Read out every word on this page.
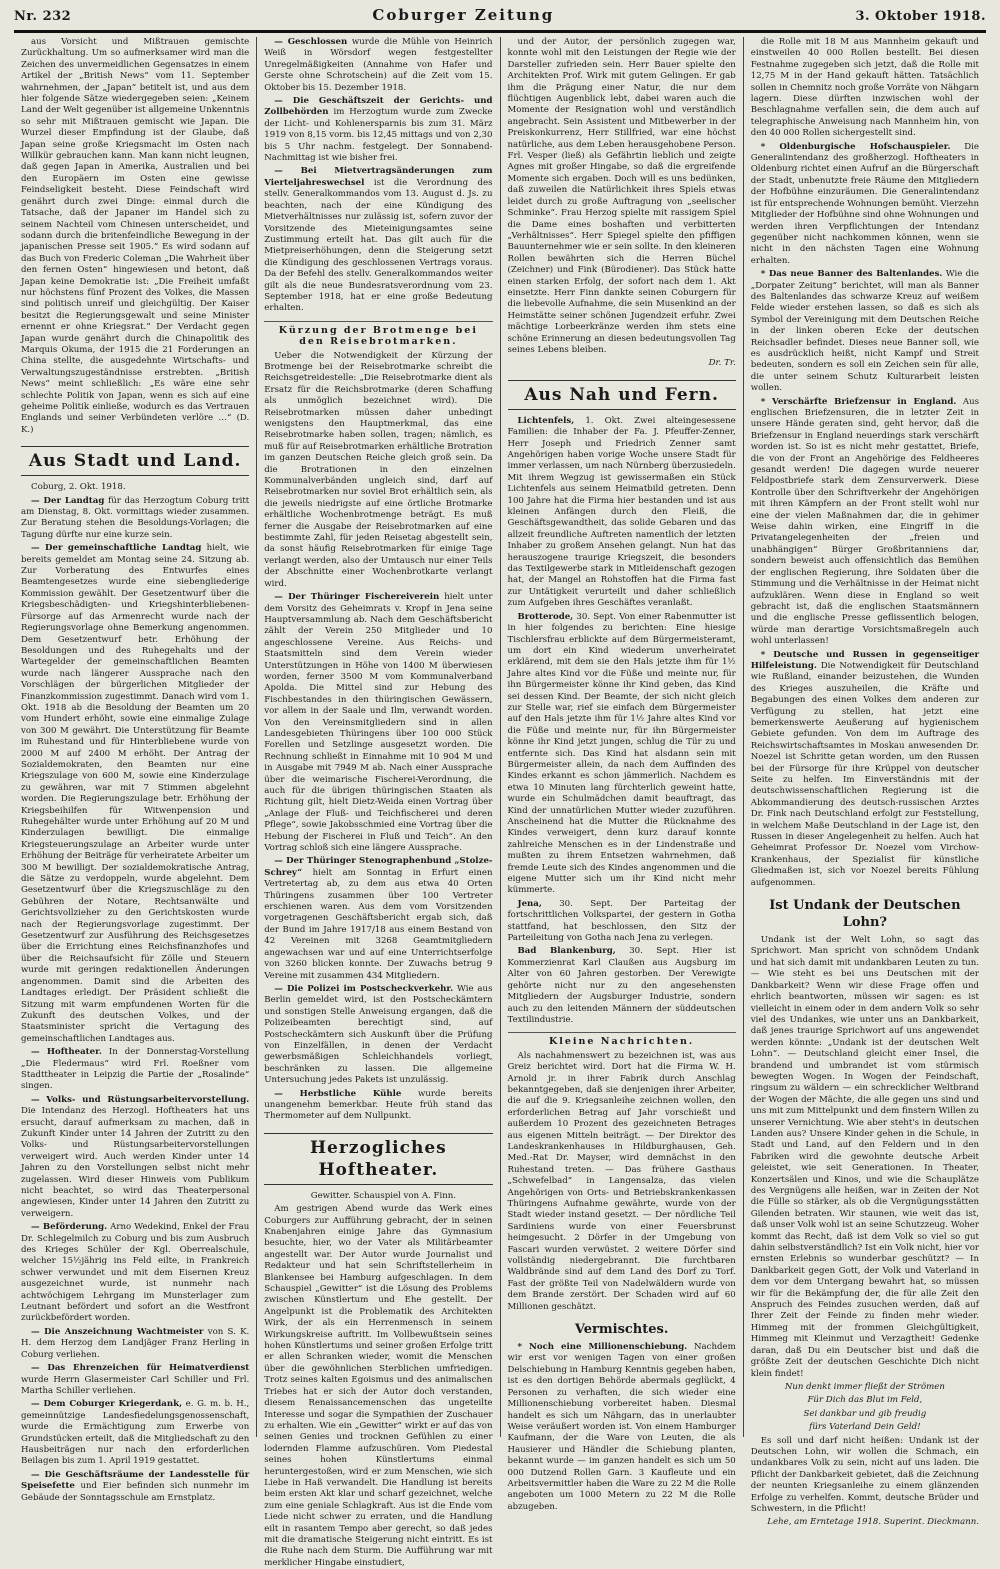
Nr. 232	Coburger Zeitung	3. Oktober 1918.

aus Vorsicht und Mißtrauen gemischte Zurückhaltung. Um so aufmerksamer wird man die Zeichen des unvermeidlichen Gegensatzes in einem Artikel der „British News“ vom 11. September wahrnehmen, der „Japan“ betitelt ist, und aus dem hier folgende Sätze wiedergegeben seien: „Keinem Land der Welt gegenüber ist allgemeine Unkenntnis so sehr mit Mißtrauen gemischt wie Japan. Die Wurzel dieser Empfindung ist der Glaube, daß Japan seine große Kriegsmacht im Osten nach Willkür gebrauchen kann. Man kann nicht leugnen, daß gegen Japan in Amerika, Australien und bei den Europäern im Osten eine gewisse Feindseligkeit besteht. Diese Feindschaft wird genährt durch zwei Dinge: einmal durch die Tatsache, daß der Japaner im Handel sich zu seinem Nachteil vom Chinesen unterscheidet, und sodann durch die britenfeindliche Bewegung in der japanischen Presse seit 1905.“ Es wird sodann auf das Buch von Frederic Coleman „Die Wahrheit über den fernen Osten“ hingewiesen und betont, daß Japan keine Demokratie ist: „Die Freiheit umfaßt nur höchstens fünf Prozent des Volkes, die Massen sind politisch unreif und gleichgültig. Der Kaiser besitzt die Regierungsgewalt und seine Minister ernennt er ohne Kriegsrat.“ Der Verdacht gegen Japan wurde genährt durch die Chinapolitik des Marquis Okuma, der 1915 die 21 Forderungen an China stellte, die ausgedehnte Wirtschafts- und Verwaltungszugeständnisse erstrebten. „British News“ meint schließlich: „Es wäre eine sehr schlechte Politik von Japan, wenn es sich auf eine geheime Politik einließe, wodurch es das Vertrauen Englands und seiner Verbündeten verlöre …“ (D. K.)

Aus Stadt und Land.

Coburg, 2. Okt. 1918.

— Der Landtag für das Herzogtum Coburg tritt am Dienstag, 8. Okt. vormittags wieder zusammen. Zur Beratung stehen die Besoldungs-Vorlagen; die Tagung dürfte nur eine kurze sein.

— Der gemeinschaftliche Landtag hielt, wie bereits gemeldet am Montag seine 24. Sitzung ab. Zur Vorberatung des Entwurfes eines Beamtengesetzes wurde eine siebengliederige Kommission gewählt. Der Gesetzentwurf über die Kriegsbeschädigten- und Kriegshinterbliebenen-Fürsorge auf das Armenrecht wurde nach der Regierungsvorlage ohne Bemerkung angenommen. Dem Gesetzentwurf betr. Erhöhung der Besoldungen und des Ruhegehalts und der Wartegelder der gemeinschaftlichen Beamten wurde nach längerer Aussprache nach den Vorschlägen der bürgerlichen Mitglieder der Finanzkommission zugestimmt. Danach wird vom 1. Okt. 1918 ab die Besoldung der Beamten um 20 vom Hundert erhöht, sowie eine einmalige Zulage von 300 M gewährt. Die Unterstützung für Beamte im Ruhestand und für Hinterbliebene wurde von 2000 M auf 2400 M erhöht. Der Antrag der Sozialdemokraten, den Beamten nur eine Kriegszulage von 600 M, sowie eine Kinderzulage zu gewähren, war mit 7 Stimmen abgelehnt worden. Die Regierungszulage betr. Erhöhung der Kriegsbeihilfen für Witwenpension und Ruhegehälter wurde unter Erhöhung auf 20 M und Kinderzulagen bewilligt. Die einmalige Kriegsteuerungszulage an Arbeiter wurde unter Erhöhung der Beiträge für verheiratete Arbeiter um 300 M bewilligt. Der sozialdemokratische Antrag, die Sätze zu verdoppeln, wurde abgelehnt. Dem Gesetzentwurf über die Kriegszuschläge zu den Gebühren der Notare, Rechtsanwälte und Gerichtsvollzieher zu den Gerichtskosten wurde nach der Regierungsvorlage zugestimmt. Der Gesetzentwurf zur Ausführung des Reichsgesetzes über die Errichtung eines Reichsfinanzhofes und über die Reichsaufsicht für Zölle und Steuern wurde mit geringen redaktionellen Änderungen angenommen. Damit sind die Arbeiten des Landtages erledigt. Der Präsident schließt die Sitzung mit warm empfundenen Worten für die Zukunft des deutschen Volkes, und der Staatsminister spricht die Vertagung des gemeinschaftlichen Landtages aus.

— Hoftheater. In der Donnerstag-Vorstellung „Die Fledermaus“ wird Frl. Roeßner vom Stadttheater in Leipzig die Partie der „Rosalinde“ singen.

— Volks- und Rüstungsarbeitervorstellung. Die Intendanz des Herzogl. Hoftheaters hat uns ersucht, darauf aufmerksam zu machen, daß in Zukunft Kinder unter 14 Jahren der Zutritt zu den Volks- und Rüstungsarbeitervorstellungen verweigert wird. Auch werden Kinder unter 14 Jahren zu den Vorstellungen selbst nicht mehr zugelassen. Wird dieser Hinweis vom Publikum nicht beachtet, so wird das Theaterpersonal angewiesen, Kinder unter 14 Jahren den Zutritt zu verweigern.

— Beförderung. Arno Wedekind, Enkel der Frau Dr. Schlegelmilch zu Coburg und bis zum Ausbruch des Krieges Schüler der Kgl. Oberrealschule, welcher 15½jährig ins Feld eilte, in Frankreich schwer verwundet und mit dem Eisernen Kreuz ausgezeichnet wurde, ist nunmehr nach achtwöchigem Lehrgang im Munsterlager zum Leutnant befördert und sofort an die Westfront zurückbefördert worden.

— Die Anszeichnung Wachtmeister von S. K. H. dem Herzog dem Landjäger Franz Herling in Coburg verliehen.

— Das Ehrenzeichen für Heimatverdienst wurde Herrn Glasermeister Carl Schiller und Frl. Martha Schiller verliehen.

— Dem Coburger Kriegerdank, e. G. m. b. H., gemeinnützige Landesfiedelungsgenossenschaft, wurde die Ermächtigung zum Erwerbe von Grundstücken erteilt, daß die Mitgliedschaft zu den Hausbeiträgen nur nach den erforderlichen Beilagen bis zum 1. April 1919 gestattet.

— Die Geschäftsräume der Landesstelle für Speisefette und Eier befinden sich nunmehr im Gebäude der Sonntagsschule am Ernstplatz.

— Geschlossen wurde die Mühle von Heinrich Weiß in Wörsdorf wegen festgestellter Unregelmäßigkeiten (Annahme von Hafer und Gerste ohne Schrotschein) auf die Zeit vom 15. Oktober bis 15. Dezember 1918.

— Die Geschäftszeit der Gerichts- und Zollbehörden im Herzogtum wurde zum Zwecke der Licht- und Kohlenersparnis bis zum 31. März 1919 von 8,15 vorm. bis 12,45 mittags und von 2,30 bis 5 Uhr nachm. festgelegt. Der Sonnabend-Nachmittag ist wie bisher frei.

— Bei Mietvertragsänderungen zum Vierteljahreswechsel ist die Verordnung des stellv. Generalkommandos vom 13. August d. Js. zu beachten, nach der eine Kündigung des Mietverhältnisses nur zulässig ist, sofern zuvor der Vorsitzende des Mieteinigungsamtes seine Zustimmung erteilt hat. Das gilt auch für die Mietpreiserhöhungen, denn die Steigerung setzt die Kündigung des geschlossenen Vertrags voraus. Da der Befehl des stellv. Generalkommandos weiter gilt als die neue Bundesratsverordnung vom 23. September 1918, hat er eine große Bedeutung erhalten.

Kürzung der Brotmenge bei den Reisebrotmarken.

Ueber die Notwendigkeit der Kürzung der Brotmenge bei der Reisebrotmarke schreibt die Reichsgetreidestelle: „Die Reisebrotmarke dient als Ersatz für die Reichsbrotmarke (deren Schaffung als unmöglich bezeichnet wird). Die Reisebrotmarken müssen daher unbedingt wenigstens den Hauptmerkmal, das eine Reisebrotmarke haben sollen, tragen; nämlich, es muß für auf Reisebrotmarken erhältliche Brotration im ganzen Deutschen Reiche gleich groß sein. Da die Brotrationen in den einzelnen Kommunalverbänden ungleich sind, darf auf Reisebrotmarken nur soviel Brot erhältlich sein, als die jeweils niedrigste auf eine örtliche Brotmarke erhältliche Wochenbrotmenge beträgt. Es muß ferner die Ausgabe der Reisebrotmarken auf eine bestimmte Zahl, für jeden Reisetag abgestellt sein, da sonst häufig Reisebrotmarken für einige Tage verlangt werden, also der Umtausch nur einer Teils der Abschnitte einer Wochenbrotkarte verlangt wird.

— Der Thüringer Fischereiverein hielt unter dem Vorsitz des Geheimrats v. Kropf in Jena seine Hauptversammlung ab. Nach dem Geschäftsbericht zählt der Verein 250 Mitglieder und 10 angeschlossene Vereine. Aus Reichs- und Staatsmitteln sind dem Verein wieder Unterstützungen in Höhe von 1400 M überwiesen worden, ferner 3500 M vom Kommunalverband Apolda. Die Mittel sind zur Hebung des Fischbestandes in den thüringischen Gewässern, vor allem in der Saale und Ilm, verwandt worden. Von den Vereinsmitgliedern sind in allen Landesgebieten Thüringens über 100 000 Stück Forellen und Setzlinge ausgesetzt worden. Die Rechnung schließt in Einnahme mit 10 904 M und in Ausgabe mit 7949 M ab. Nach einer Aussprache über die weimarische Fischerei-Verordnung, die auch für die übrigen thüringischen Staaten als Richtung gilt, hielt Dietz-Weida einen Vortrag über „Anlage der Fluß- und Teichfischerei und deren Pflege“, sowie Jakobsschmied eine Vortrag über die Hebung der Fischerei in Fluß und Teich“. An den Vortrag schloß sich eine längere Aussprache.

— Der Thüringer Stenographenbund „Stolze-Schrey“ hielt am Sonntag in Erfurt einen Vertretertag ab, zu dem aus etwa 40 Orten Thüringens zusammen über 100 Vertreter erschienen waren. Aus dem vom Vorsitzenden vorgetragenen Geschäftsbericht ergab sich, daß der Bund im Jahre 1917/18 aus einem Bestand von 42 Vereinen mit 3268 Geamtmitgliedern angewachsen war und auf eine Unterrichtserfolge von 3260 blicken konnte. Der Zuwachs betrug 9 Vereine mit zusammen 434 Mitgliedern.

— Die Polizei im Postscheckverkehr. Wie aus Berlin gemeldet wird, ist den Postscheckämtern und sonstigen Stelle Anweisung ergangen, daß die Polizeibeamten berechtigt sind, auf Postscheckämtern sich Auskunft über die Prüfung von Einzelfällen, in denen der Verdacht gewerbsmäßigen Schleichhandels vorliegt, beschränken zu lassen. Die allgemeine Untersuchung jedes Pakets ist unzulässig.

— Herbstliche Kühle wurde bereits unangenehm bemerkbar. Heute früh stand das Thermometer auf dem Nullpunkt.

Herzogliches Hoftheater.

Gewitter. Schauspiel von A. Finn.

Am gestrigen Abend wurde das Werk eines Coburgers zur Aufführung gebracht, der in seinen Knabenjahren einige Jahre das Gymnasium besuchte, hier, wo der Vater als Militärbeamter angestellt war. Der Autor wurde Journalist und Redakteur und hat sein Schriftstellerheim in Blankensee bei Hamburg aufgeschlagen. In dem Schauspiel „Gewitter“ ist die Lösung des Problems zwischen Künstlertum und Ehe gestellt. Der Angelpunkt ist die Problematik des Architekten Wirk, der als ein Herrenmensch in seinem Wirkungskreise auftritt. Im Vollbewußtsein seines hohen Künstlertums und seiner großen Erfolge tritt er allen Schranken wieder, womit die Menschen über die gewöhnlichen Sterblichen umfriedigen. Trotz seines kalten Egoismus und des animalischen Triebes hat er sich der Autor doch verstanden, diesem Renaissancemenschen das ungeteilte Interesse und sogar die Sympathien der Zuschauer zu erhalten. Wie ein „Gewitter“ wirkt er auf das von seinen Genies und trocknen Gefühlen zu einer lodernden Flamme aufzuschüren. Vom Piedestal seines hohen Künstlertums einmal heruntergestoßen, wird er zum Menschen, wie sich Liebe in Haß verwandelt. Die Handlung ist bereits beim ersten Akt klar und scharf gezeichnet, welche zum eine geniale Schlagkraft. Aus ist die Ende vom Liede nicht schwer zu erraten, und die Handlung eilt in rasantem Tempo aber gerecht, so daß jedes mit die dramatische Steigerung nicht eintritt. Es ist die Ruhe nach dem Sturm. Die Aufführung war mit merklicher Hingabe einstudiert,

und der Autor, der persönlich zugegen war, konnte wohl mit den Leistungen der Regie wie der Darsteller zufrieden sein. Herr Bauer spielte den Architekten Prof. Wirk mit gutem Gelingen. Er gab ihm die Prägung einer Natur, die nur dem flüchtigen Augenblick lebt, dabei waren auch die Momente der Resignation wohl und verständlich angebracht. Sein Assistent und Mitbewerber in der Preiskonkurrenz, Herr Stillfried, war eine höchst natürliche, aus dem Leben herausgehobene Person. Frl. Vesper (ließ) als Gefährtin lieblich und zeigte Agnes mit großer Hingabe, so daß die ergreifende Momente sich ergaben. Doch will es uns bedünken, daß zuweilen die Natürlichkeit ihres Spiels etwas leidet durch zu große Auftragung von „seelischer Schminke“. Frau Herzog spielte mit rassigem Spiel die Dame eines boshaften und verbitterten „Verhältnisses“. Herr Spiegel spielte den pfiffigen Bauunternehmer wie er sein sollte. In den kleineren Rollen bewährten sich die Herren Büchel (Zeichner) und Fink (Bürodiener). Das Stück hatte einen starken Erfolg, der sofort nach dem 1. Akt einsetzte. Herr Finn dankte seinen Coburgern für die liebevolle Aufnahme, die sein Musenkind an der Heimstätte seiner schönen Jugendzeit erfuhr. Zwei mächtige Lorbeerkränze werden ihm stets eine schöne Erinnerung an diesen bedeutungsvollen Tag seines Lebens bleiben.

Dr. Tr.

Aus Nah und Fern.

Lichtenfels, 1. Okt. Zwei alteingesessene Familien: die Inhaber der Fa. J. Pfeuffer-Zenner, Herr Joseph und Friedrich Zenner samt Angehörigen haben vorige Woche unsere Stadt für immer verlassen, um nach Nürnberg überzusiedeln. Mit ihrem Wegzug ist gewissermaßen ein Stück Lichtenfels aus seinem Heimatbild getreten. Denn 100 Jahre hat die Firma hier bestanden und ist aus kleinen Anfängen durch den Fleiß, die Geschäftsgewandtheit, das solide Gebaren und das allzeit freundliche Auftreten namentlich der letzten Inhaber zu großem Ansehen gelangt. Nun hat das herauszogene traurige Kriegszeit, die besonders das Textilgewerbe stark in Mitleidenschaft gezogen hat, der Mangel an Rohstoffen hat die Firma fast zur Untätigkeit verurteilt und daher schließlich zum Aufgeben ihres Geschäftes veranlaßt.

Brotterode, 30. Sept. Von einer Rabenmutter ist in hier folgendes zu berichten: Eine hiesige Tischlersfrau erblickte auf dem Bürgermeisteramt, um dort ein Kind wiederum unverheiratet erklärend, mit dem sie den Hals jetzte ihm für 1½ Jahre altes Kind vor die Füße und meinte nur, für ihn Bürgermeister könne ihr Kind geben, das Kind sei dessen Kind. Der Beamte, der sich nicht gleich zur Stelle war, rief sie einfach dem Bürgermeister auf den Hals jetzte ihm für 1½ Jahre altes Kind vor die Füße und meinte nur, für ihn Bürgermeister könne ihr Kind jetzt jungen, schlug die Tür zu und entfernte sich. Das Kind hat alsdann sein mit Bürgermeister allein, da nach dem Auffinden des Kindes erkannt es schon jämmerlich. Nachdem es etwa 10 Minuten lang fürchterlich geweint hatte, wurde ein Schulmädchen damit beauftragt, das Kind der unnatürlichen Mutter wieder zuzuführen. Anscheinend hat die Mutter die Rücknahme des Kindes verweigert, denn kurz darauf konnte zahlreiche Menschen es in der Lindenstraße und mußten zu ihrem Entsetzen wahrnehmen, daß fremde Leute sich des Kindes angenommen und die eigene Mutter sich um ihr Kind nicht mehr kümmerte.

Jena, 30. Sept. Der Parteitag der fortschrittlichen Volkspartei, der gestern in Gotha stattfand, hat beschlossen, den Sitz der Parteileitung von Gotha nach Jena zu verlegen.

Bad Blankenburg, 30. Sept. Hier ist Kommerzienrat Karl Claußen aus Augsburg im Alter von 60 Jahren gestorben. Der Verewigte gehörte nicht nur zu den angesehensten Mitgliedern der Augsburger Industrie, sondern auch zu den leitenden Männern der süddeutschen Textilindustrie.

Kleine Nachrichten.

Als nachahmenswert zu bezeichnen ist, was aus Greiz berichtet wird. Dort hat die Firma W. H. Arnold jr. in ihrer Fabrik durch Anschlag bekanntgegeben, daß sie denjenigen ihrer Arbeiter, die auf die 9. Kriegsanleihe zeichnen wollen, den erforderlichen Betrag auf Jahr vorschießt und außerdem 10 Prozent des gezeichneten Betrages aus eigenen Mitteln beiträgt. — Der Direktor des Landeskrankenhauses in Hildburghausen, Geh. Med.-Rat Dr. Mayser, wird demnächst in den Ruhestand treten. — Das frühere Gasthaus „Schwefelbad“ in Langensalza, das vielen Angehörigen von Orts- und Betriebskrankenkassen Thüringens Aufnahme gewährte, wurde von der Stadt wieder instand gesetzt. — Der nördliche Teil Sardiniens wurde von einer Feuersbrunst heimgesucht. 2 Dörfer in der Umgebung von Fascari wurden verwüstet. 2 weitere Dörfer sind vollständig niedergebrannt. Die furchtbaren Waldbrände sind auf dem Land des Dorf zu Torf. Fast der größte Teil von Nadelwäldern wurde von dem Brande zerstört. Der Schaden wird auf 60 Millionen geschätzt.

Vermischtes.

* Noch eine Millionenschiebung. Nachdem wir erst vor wenigen Tagen von einer großen Delschiebung in Hamburg Kenntnis gegeben haben, ist es den dortigen Behörde abermals geglückt, 4 Personen zu verhaften, die sich wieder eine Millionenschiebung vorbereitet haben. Diesmal handelt es sich um Nähgarn, das in unerlaubter Weise veräußert worden ist. Von einem Hamburger Kaufmann, der die Ware von Leuten, die als Hausierer und Händler die Schiebung planten, bekannt wurde — im ganzen handelt es sich um 50 000 Dutzend Rollen Garn. 3 Kaufleute und ein Arbeitsvermittler haben die Ware zu 22 M die Rolle angeboten um 1000 Metern zu 22 M die Rolle abzugeben.

die Rolle mit 18 M aus Mannheim gekauft und einstweilen 40 000 Rollen bestellt. Bei diesen Festnahme zugegeben sich jetzt, daß die Rolle mit 12,75 M in der Hand gekauft hätten. Tatsächlich sollen in Chemnitz noch große Vorräte von Nähgarn lagern. Diese dürften inzwischen wohl der Beschlagnahme verfallen sein, die dem auch auf telegraphische Anweisung nach Mannheim hin, von den 40 000 Rollen sichergestellt sind.

* Oldenburgische Hofschauspieler. Die Generalintendanz des großherzogl. Hoftheaters in Oldenburg richtet einen Aufruf an die Bürgerschaft der Stadt, unbenutzte freie Räume den Mitgliedern der Hofbühne einzuräumen. Die Generalintendanz ist für entsprechende Wohnungen bemüht. Vierzehn Mitglieder der Hofbühne sind ohne Wohnungen und werden ihren Verpflichtungen der Intendanz gegenüber nicht nachkommen können, wenn sie nicht in den nächsten Tagen eine Wohnung erhalten.

* Das neue Banner des Baltenlandes. Wie die „Dorpater Zeitung“ berichtet, will man als Banner des Baltenlandes das schwarze Kreuz auf weißem Felde wieder erstehen lassen, so daß es sich als Symbol der Vereinigung mit dem Deutschen Reiche in der linken oberen Ecke der deutschen Reichsadler befindet. Dieses neue Banner soll, wie es ausdrücklich heißt, nicht Kampf und Streit bedeuten, sondern es soll ein Zeichen sein für alle, die unter seinem Schutz Kulturarbeit leisten wollen.

* Verschärfte Briefzensur in England. Aus englischen Briefzensuren, die in letzter Zeit in unsere Hände geraten sind, geht hervor, daß die Briefzensur in England neuerdings stark verschärft worden ist. So ist es nicht mehr gestattet, Briefe, die von der Front an Angehörige des Feldheeres gesandt werden! Die dagegen wurde neuerer Feldpostbriefe stark dem Zensurverwerk. Diese Kontrolle über den Schriftverkehr der Angehörigen mit ihren Kämpfern an der Front stellt wohl nur eine der vielen Maßnahmen dar, die in gehimer Weise dahin wirken, eine Eingriff in die Privatangelegenheiten der „freien und unabhängigen“ Bürger Großbritanniens dar, sondern beweist auch offensichtlich das Bemühen der englischen Regierung, ihre Soldaten über die Stimmung und die Verhältnisse in der Heimat nicht aufzuklären. Wenn diese in England so weit gebracht ist, daß die englischen Staatsmännern und die englische Presse geflissentlich belogen, würde man derartige Vorsichtsmaßregeln auch wohl unterlassen!

* Deutsche und Russen in gegenseitiger Hilfeleistung. Die Notwendigkeit für Deutschland wie Rußland, einander beizustehen, die Wunden des Krieges auszuheilen, die Kräfte und Begabungen des einen Volkes dem anderen zur Verfügung zu stellen, hat jetzt eine bemerkenswerte Aeußerung auf hygienischem Gebiete gefunden. Von dem im Auftrage des Reichswirtschaftsamtes in Moskau anwesenden Dr. Noezel ist Schritte getan worden, um den Russen bei der Fürsorge für ihre Krüppel von deutscher Seite zu helfen. Im Einverständnis mit der deutschwissenschaftlichen Regierung ist die Abkommandierung des deutsch-russischen Arztes Dr. Fink nach Deutschland erfolgt zur Feststellung, in welchem Maße Deutschland in der Lage ist, den Russen in dieser Angelegenheit zu helfen. Auch hat Geheimrat Professor Dr. Noezel vom Virchow-Krankenhaus, der Spezialist für künstliche Gliedmaßen ist, sich vor Noezel bereits Fühlung aufgenommen.

Ist Undank der Deutschen Lohn?

Undank ist der Welt Lohn, so sagt das Sprichwort. Man spricht von schnödem Undank und hat sich damit mit undankbaren Leuten zu tun. — Wie steht es bei uns Deutschen mit der Dankbarkeit? Wenn wir diese Frage offen und ehrlich beantworten, müssen wir sagen: es ist vielleicht in einem oder in dem andern Volk so sehr viel des Undankes, wie unter uns an Dankbarkeit, daß jenes traurige Sprichwort auf uns angewendet werden könnte: „Undank ist der deutschen Welt Lohn“. — Deutschland gleicht einer Insel, die brandend und umbrandet ist vom stürmisch bewegten Wogen. In Wogen der Feindschaft, ringsum zu wäldern — ein schrecklicher Weltbrand der Wogen der Mächte, die alle gegen uns sind und uns mit zum Mittelpunkt und dem finstern Willen zu unserer Vernichtung. Wie aber steht's in deutschen Landen aus? Unsere Kinder gehen in die Schule, in Stadt und Land, auf den Feldern und in den Fabriken wird die gewohnte deutsche Arbeit geleistet, wie seit Generationen. In Theater, Konzertsälen und Kinos, und wie die Schauplätze des Vergnügens alle heißen, war in Zeiten der Not die Fülle so stärker, als ob die Vergnügungsstätten Gilenden betraten. Wir staunen, wie weit das ist, daß unser Volk wohl ist an seine Schutzzeug. Woher kommt das Recht, daß ist dem Volk so viel so gut dahin selbstverständlich? Ist ein Volk nicht, hier vor ernsten Erlebnis so wunderbar geschützt? — In Dankbarkeit gegen Gott, der Volk und Vaterland in dem vor dem Untergang bewahrt hat, so müssen wir für die Bekämpfung der, die für alle Zeit den Anspruch des Feindes zusuchen werden, daß auf Ihrer Zeit der Feinde zu finden mehr wieder. Himmeg mit der frommen Gleichgültigkeit, Himmeg mit Kleinmut und Verzagtheit! Gedenke daran, daß Du ein Deutscher bist und daß die größte Zeit der deutschen Geschichte Dich nicht klein findet!

Nun denkt immer fließt der Strömen

Für Dich das Blut im Feld,

Sei dankbar und gib freudig

fürs Vaterland Dein Geld!

Es soll und darf nicht heißen: Undank ist der Deutschen Lohn, wir wollen die Schmach, ein undankbares Volk zu sein, nicht auf uns laden. Die Pflicht der Dankbarkeit gebietet, daß die Zeichnung der neunten Kriegsanleihe zu einem glänzenden Erfolge zu verhelfen. Kommt, deutsche Brüder und Schwestern, in die Pflicht!

Lehe, am Erntetage 1918. Superint. Dieckmann.
